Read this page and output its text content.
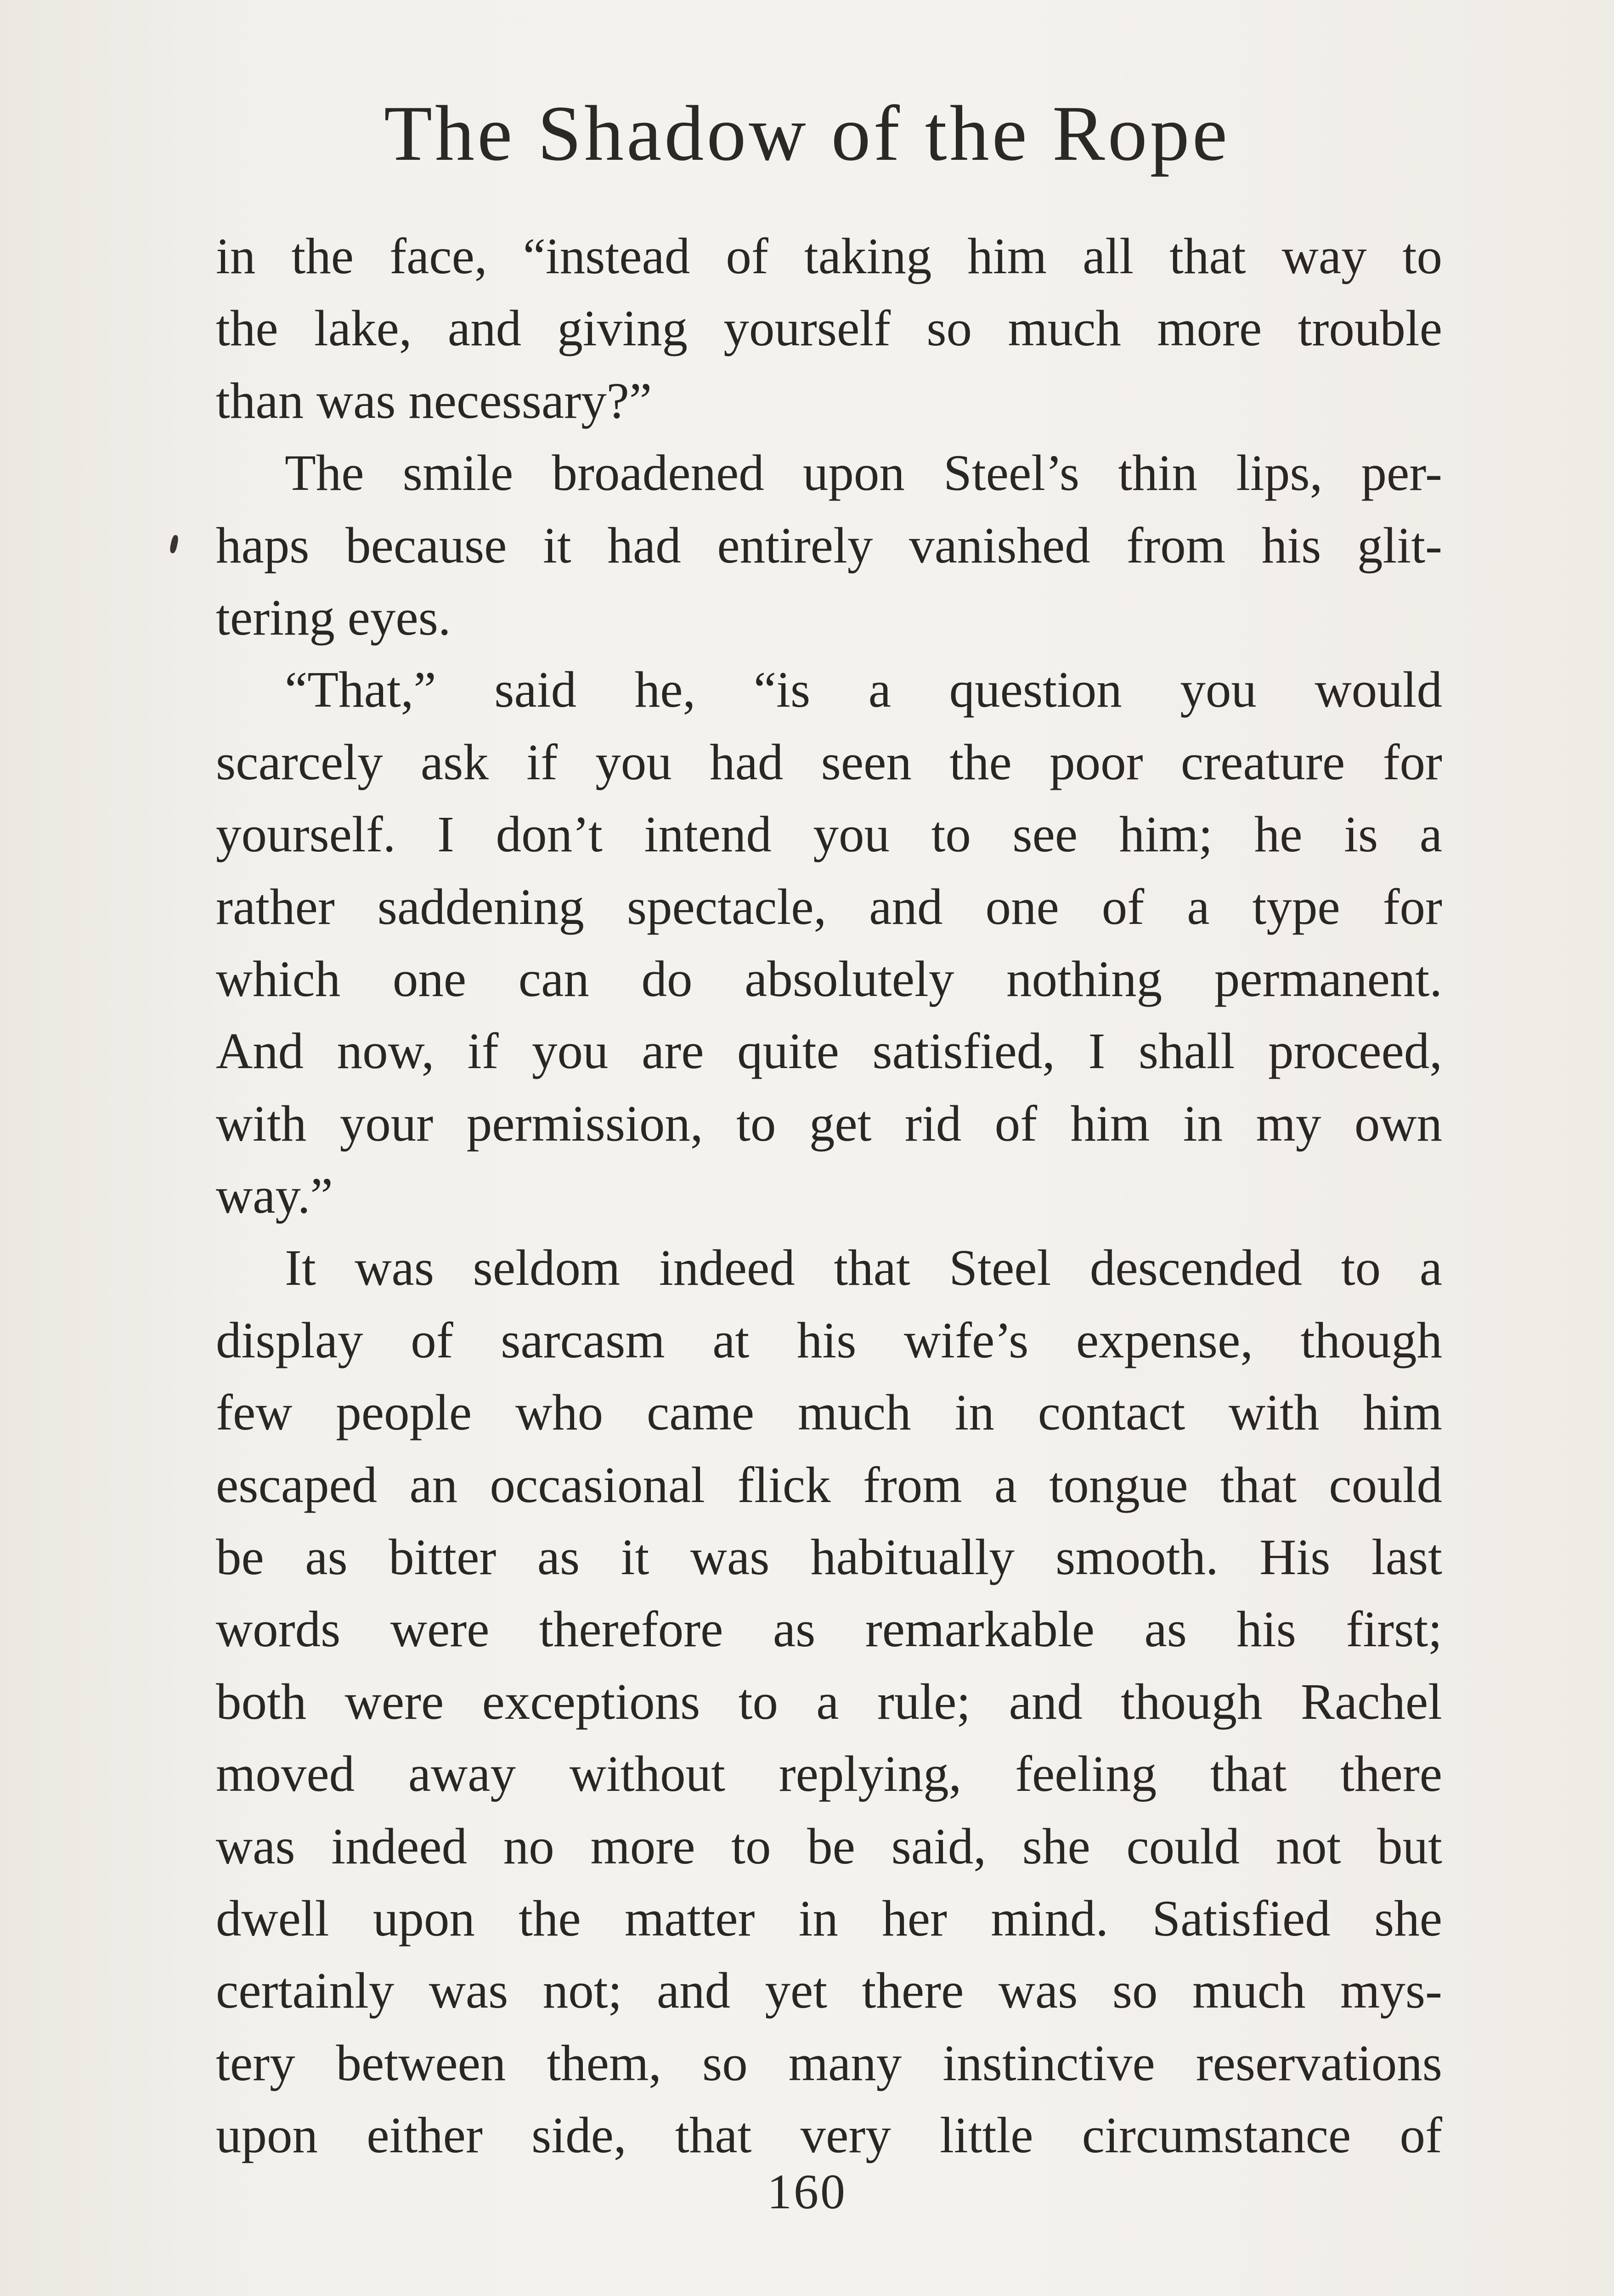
The Shadow of the Rope
in the face, “instead of taking him all that way to
the lake, and giving yourself so much more trouble
than was necessary?”
The smile broadened upon Steel’s thin lips, per-
haps because it had entirely vanished from his glit-
tering eyes.
“That,” said he, “is a question you would
scarcely ask if you had seen the poor creature for
yourself. I don’t intend you to see him; he is a
rather saddening spectacle, and one of a type for
which one can do absolutely nothing permanent.
And now, if you are quite satisfied, I shall proceed,
with your permission, to get rid of him in my own
way.”
It was seldom indeed that Steel descended to a
display of sarcasm at his wife’s expense, though
few people who came much in contact with him
escaped an occasional flick from a tongue that could
be as bitter as it was habitually smooth. His last
words were therefore as remarkable as his first;
both were exceptions to a rule; and though Rachel
moved away without replying, feeling that there
was indeed no more to be said, she could not but
dwell upon the matter in her mind. Satisfied she
certainly was not; and yet there was so much mys-
tery between them, so many instinctive reservations
upon either side, that very little circumstance of
160
